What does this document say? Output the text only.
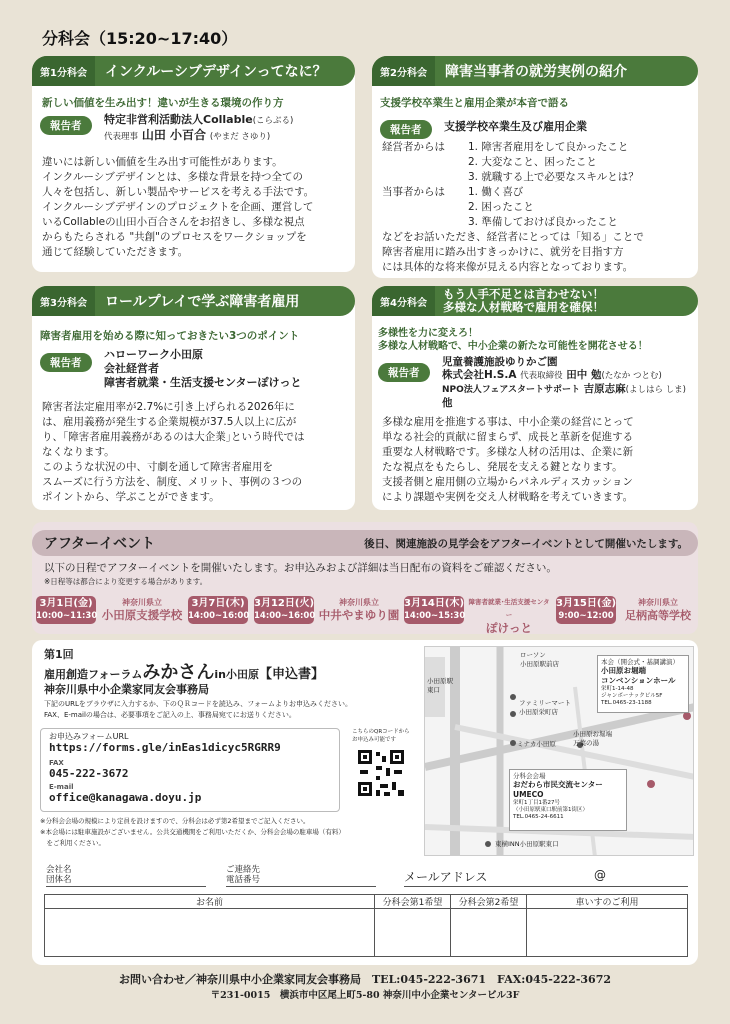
分科会（15:20~17:40）
第1分科会	インクルーシブデザインってなに？
新しい価値を生み出す！違いが生きる環境の作り方
報告者	特定非営利活動法人Collable(こらぶる)
代表理事 山田 小百合 (やまだ さゆり)
違いには新しい価値を生み出す可能性があります。
インクルーシブデザインとは、多様な背景を持つ全ての
人々を包括し、新しい製品やサービスを考える手法です。
インクルーシブデザインのプロジェクトを企画、運営して
いるCollableの山田小百合さんをお招きし、多様な視点
からもたらされる "共創"のプロセスをワークショップを
通じて経験していただきます。
第2分科会	障害当事者の就労実例の紹介
支援学校卒業生と雇用企業が本音で語る
報告者	支援学校卒業生及び雇用企業
経営者からは 1. 障害者雇用をして良かったこと
2. 大変なこと、困ったこと
3. 就職する上で必要なスキルとは？
当事者からは 1. 働く喜び
2. 困ったこと
3. 準備しておけば良かったこと
などをお話いただき、経営者にとっては「知る」ことで
障害者雇用に踏み出すきっかけに、就労を目指す方
には具体的な将来像が見える内容となっております。
第3分科会	ロールプレイで学ぶ障害者雇用
障害者雇用を始める際に知っておきたい3つのポイント
報告者
ハローワーク小田原
会社経営者
障害者就業・生活支援センターぽけっと
障害者法定雇用率が2.7%に引き上げられる2026年に
は、雇用義務が発生する企業規模が37.5人以上に広が
り、｢障害者雇用義務があるのは大企業｣という時代では
なくなります。
このような状況の中、寸劇を通して障害者雇用を
スムーズに行う方法を、制度、メリット、事例の３つの
ポイントから、学ぶことができます。
第4分科会
もう人手不足とは言わせない！
多様な人材戦略で雇用を確保！
多様性を力に変えろ！
多様な人材戦略で、中小企業の新たな可能性を開花させる！
報告者
児童養護施設ゆりかご園
株式会社H.S.A 代表取締役 田中 勉(たなか つとむ)
NPO法人フェアスタートサポート 吉原志麻(よしはら しま)
他
多様な雇用を推進する事は、中小企業の経営にとって
単なる社会的貢献に留まらず、成長と革新を促進する
重要な人材戦略です。多様な人材の活用は、企業に新
たな視点をもたらし、発展を支える鍵となります。
支援者側と雇用側の立場からパネルディスカッション
により課題や実例を交え人材戦略を考えていきます。
アフターイベント	後日、関連施設の見学会をアフターイベントとして開催いたします。
以下の日程でアフターイベントを開催いたします。お申込みおよび詳細は当日配布の資料をご確認ください。
※日程等は都合により変更する場合があります。
3月1日(金)
10:00~11:30
神奈川県立
小田原支援学校
3月7日(木)
14:00~16:00
3月12日(火)
14:00~16:00
神奈川県立
中井やまゆり園
3月14日(木)
14:00~15:30
障害者就業･生活支援センター
ぽけっと
3月15日(金)
9:00~12:00
神奈川県立
足柄高等学校
第1回
雇用創造フォーラムみかさんin小田原【申込書】
神奈川県中小企業家同友会事務局
下記のURLをブラウザに入力するか、下のＱＲコードを読込み、フォームよりお申込みください。
FAX、E-mailの場合は、必要事項をご記入の上、事務局宛てにお送りください。
お申込みフォームURL
https://forms.gle/inEas1dicyc5RGRR9
FAX
045-222-3672
E-mail
office@kanagawa.doyu.jp
こちらのQRコードから
お申込み可能です
※分科会会場の規模により定員を設けますので、分科会は必ず第2希望までご記入ください。
※本会場には駐車施設がございません。公共交通機関をご利用いただくか、分科会会場の駐車場（有料）
　をご利用ください。
ローソン
小田原駅前店
小田原駅
東口
ファミリーマート
小田原栄町店
ミナカ小田原
小田原お堀端
万葉の湯
東横INN小田原駅東口
本会（開会式・基調講演）
小田原お堀端
コンベンションホール
栄町1-14-48
ジャンボーナックビル5F
TEL.0465-23-1188
分科会会場
おだわら市民交流センター
UMECO
栄町1丁目1番27号
（小田原駅東口駅前第1街区）
TEL.0465-24-6611
会社名
団体名
ご連絡先
電話番号	メールアドレス	@
お名前	分科会第1希望	分科会第2希望	車いすのご利用

お問い合わせ／神奈川県中小企業家同友会事務局　TEL:045-222-3671　FAX:045-222-3672
〒231-0015　横浜市中区尾上町5-80 神奈川中小企業センタービル3F
